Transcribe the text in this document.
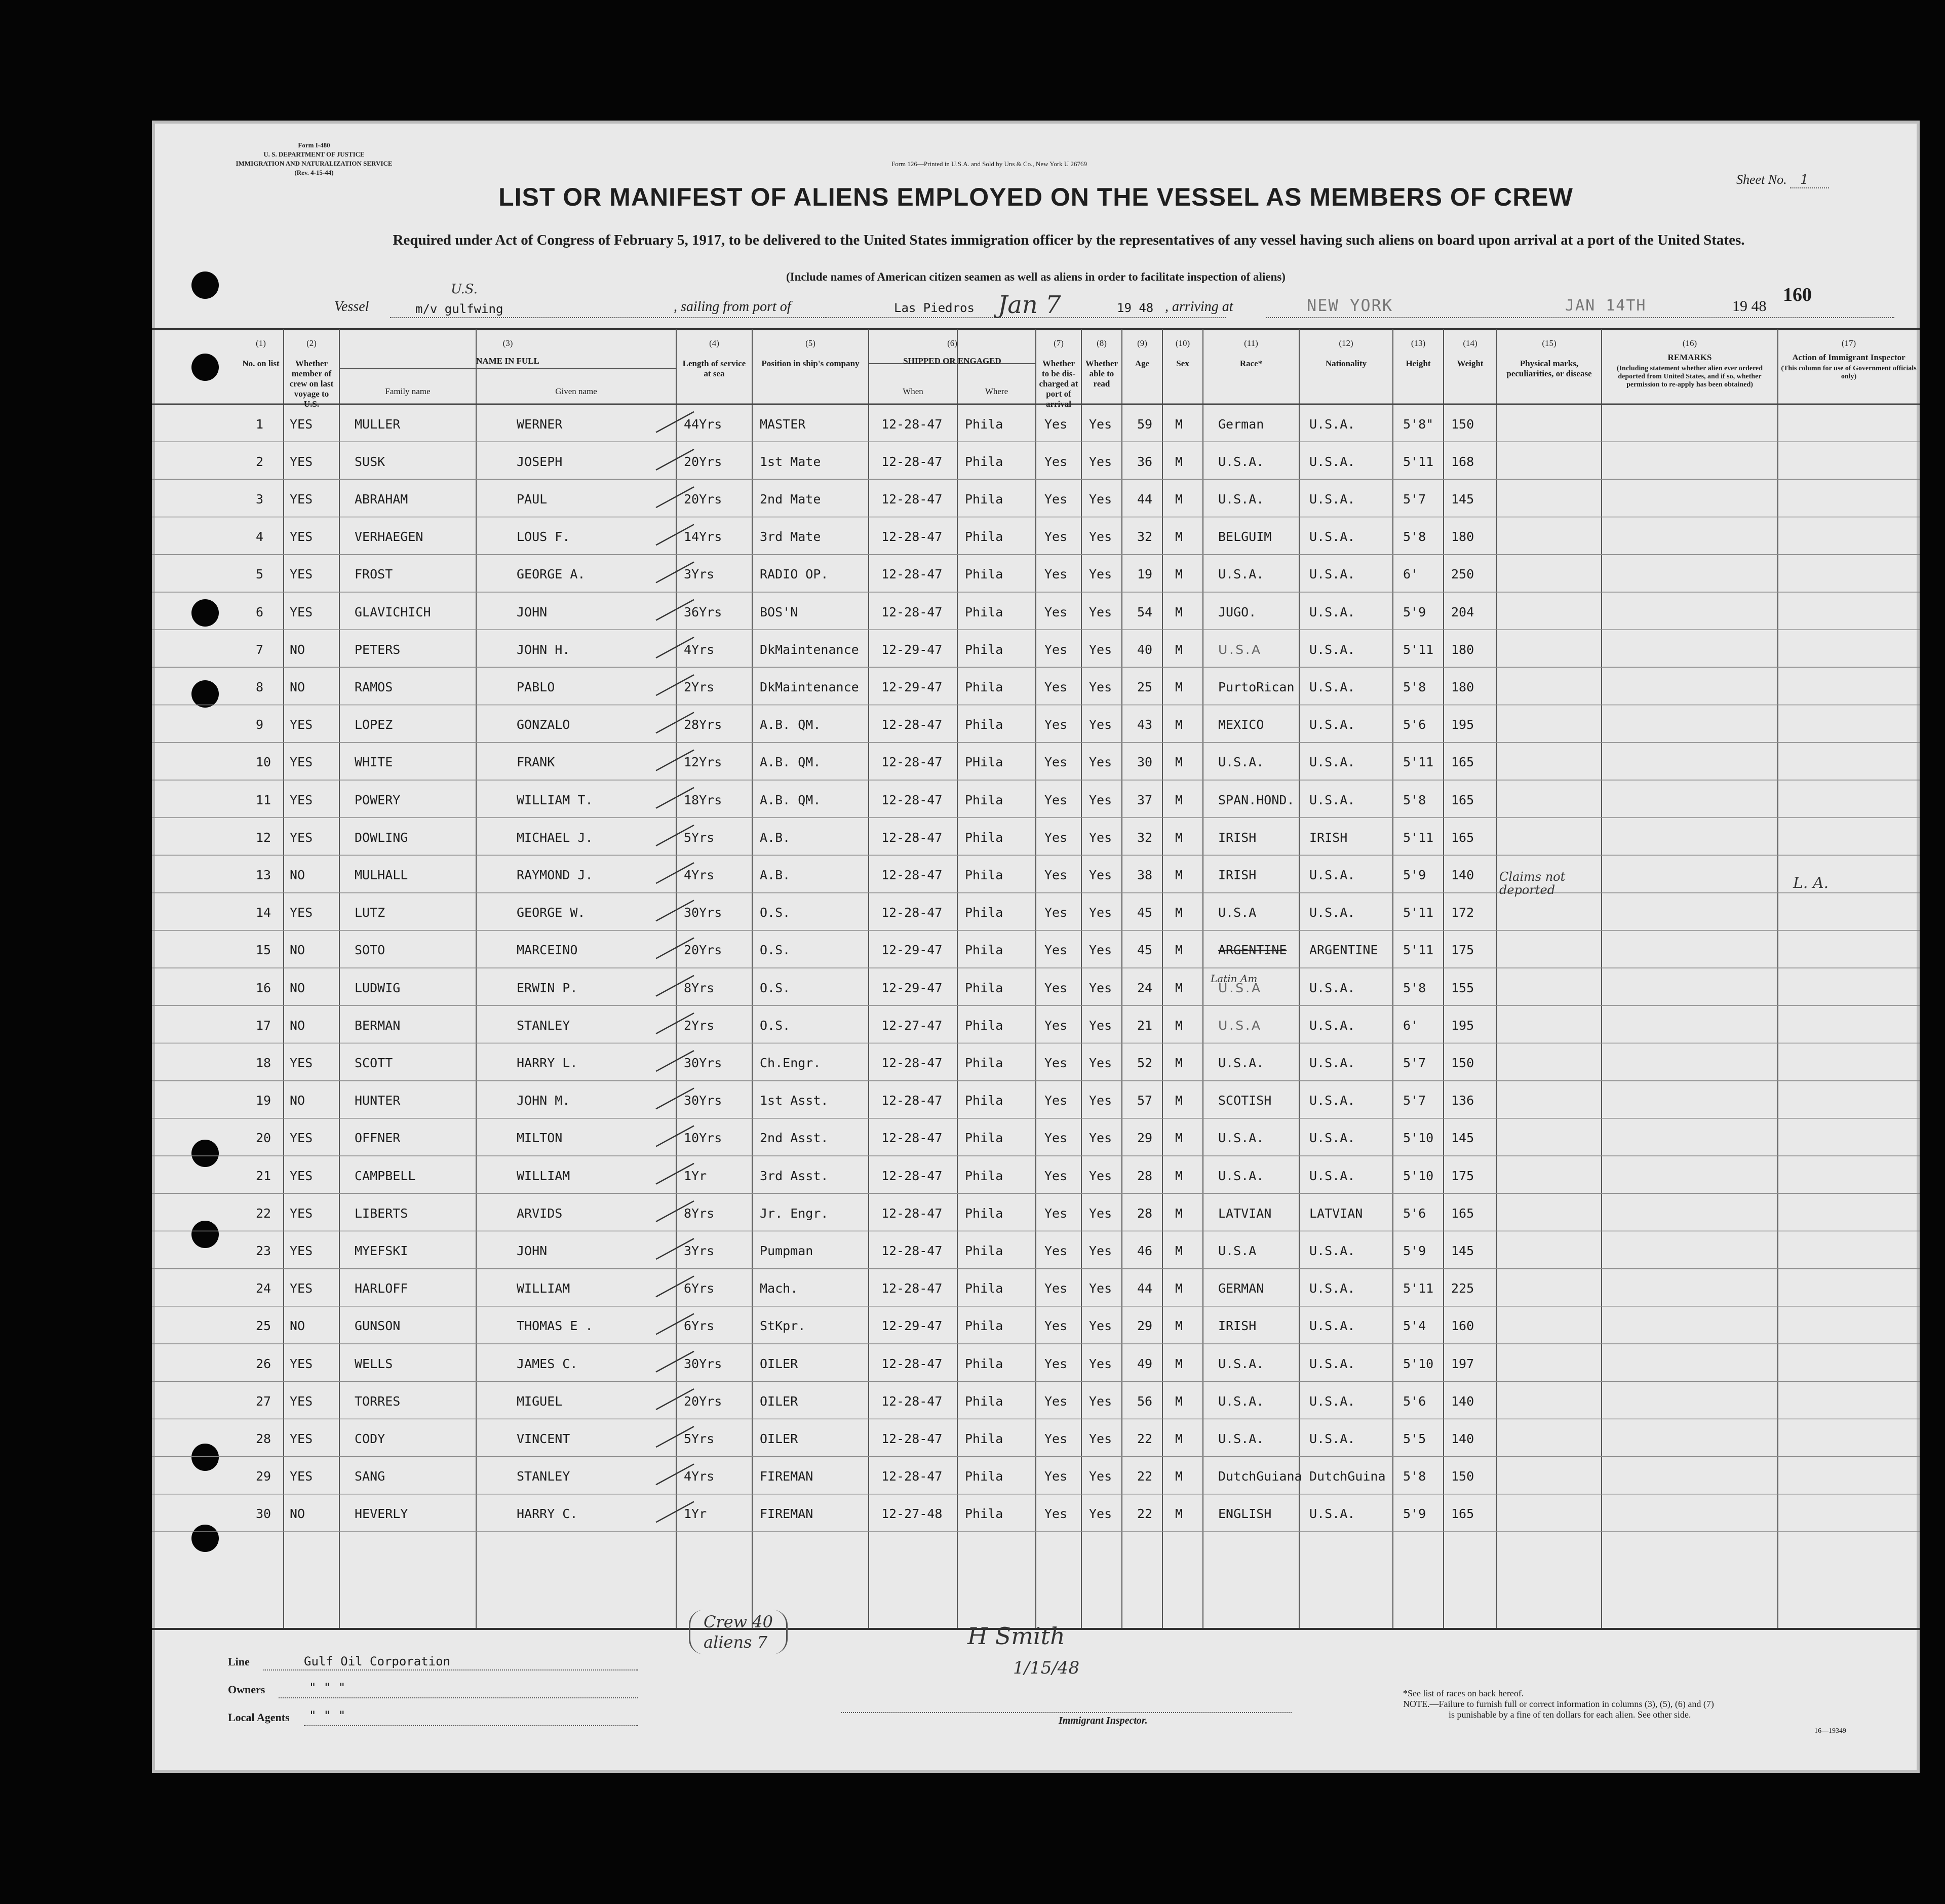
Form I-480
U. S. DEPARTMENT OF JUSTICE
IMMIGRATION AND NATURALIZATION SERVICE
(Rev. 4-15-44)
Form 126—Printed in U.S.A. and Sold by Uns & Co., New York U 26769
Sheet No. 1
LIST OR MANIFEST OF ALIENS EMPLOYED ON THE VESSEL AS MEMBERS OF CREW
Required under Act of Congress of February 5, 1917, to be delivered to the United States immigration officer by the representatives of any vessel having such aliens on board upon arrival at a port of the United States.
(Include names of American citizen seamen as well as aliens in order to facilitate inspection of aliens)
160
Vessel
U.S.
m/v gulfwing	, sailing from port of	Las Piedros Jan 7	19 48 , arriving at	NEW YORK	JAN 14TH	19 48
(1)
No. on list
(2)
Whether member of crew on last voyage to U.S.
(3)
NAME IN FULL
Family name	Given name
(4)
Length of service at sea
(5)
Position in ship's company
(6)
SHIPPED OR ENGAGED
When	Where
(7)
Whether to be dis-charged at port of arrival
(8)
Whether able to read
(9)
Age
(10)
Sex
(11)
Race*
(12)
Nationality
(13)
Height
(14)
Weight
(15)
Physical marks, peculiarities, or disease
(16)
REMARKS
(Including statement whether alien ever ordered deported from United States, and if so, whether permission to re-apply has been obtained)
(17)
Action of Immigrant Inspector
(This column for use of Government officials only)
1 YES	MULLER	WERNER	44Yrs	MASTER	12-28-47 Phila	Yes Yes 59 M	German	U.S.A.	5'8" 150
2 YES	SUSK	JOSEPH	20Yrs	1st Mate	12-28-47 Phila	Yes Yes 36 M	U.S.A.	U.S.A.	5'11 168
3 YES	ABRAHAM	PAUL	20Yrs	2nd Mate	12-28-47 Phila	Yes Yes 44 M	U.S.A.	U.S.A.	5'7 145
4 YES	VERHAEGEN	LOUS F.	14Yrs	3rd Mate	12-28-47 Phila	Yes Yes 32 M	BELGUIM	U.S.A.	5'8 180
5 YES	FROST	GEORGE A.	3Yrs	RADIO OP.	12-28-47 Phila	Yes Yes 19 M	U.S.A.	U.S.A.	6'	250
6 YES	GLAVICHICH	JOHN	36Yrs	BOS'N	12-28-47 Phila	Yes Yes 54 M	JUGO.	U.S.A.	5'9 204
7 NO	PETERS	JOHN H.	4Yrs	DkMaintenance 12-29-47 Phila	Yes Yes 40 M	U.S.A	U.S.A.	5'11 180
8 NO	RAMOS	PABLO	2Yrs	DkMaintenance 12-29-47 Phila	Yes Yes 25 M	PurtoRican U.S.A.	5'8 180
9 YES	LOPEZ	GONZALO	28Yrs	A.B. QM.	12-28-47 Phila	Yes Yes 43 M	MEXICO	U.S.A.	5'6 195
10 YES	WHITE	FRANK	12Yrs	A.B. QM.	12-28-47 PHila	Yes Yes 30 M	U.S.A.	U.S.A.	5'11 165
11 YES	POWERY	WILLIAM T.	18Yrs	A.B. QM.	12-28-47 Phila	Yes Yes 37 M	SPAN.HOND. U.S.A.	5'8 165
12 YES	DOWLING	MICHAEL J.	5Yrs	A.B.	12-28-47 Phila	Yes Yes 32 M	IRISH	IRISH	5'11 165
13 NO	MULHALL	RAYMOND J.	4Yrs	A.B.	12-28-47 Phila	Yes Yes 38 M	IRISH	U.S.A.	5'9 140
14 YES	LUTZ	GEORGE W.	30Yrs	O.S.	12-28-47 Phila	Yes Yes 45 M	U.S.A	U.S.A.	5'11 172
15 NO	SOTO	MARCEINO	20Yrs	O.S.	12-29-47 Phila	Yes Yes 45 M	ARGENTINE ARGENTINE 5'11 175
16 NO	LUDWIG	ERWIN P.	8Yrs	O.S.	12-29-47 Phila	Yes Yes 24 M	U.S.A	U.S.A.	5'8 155
17 NO	BERMAN	STANLEY	2Yrs	O.S.	12-27-47 Phila	Yes Yes 21 M	U.S.A	U.S.A.	6'	195
18 YES	SCOTT	HARRY L.	30Yrs	Ch.Engr.	12-28-47 Phila	Yes Yes 52 M	U.S.A.	U.S.A.	5'7 150
19 NO	HUNTER	JOHN M.	30Yrs	1st Asst.	12-28-47 Phila	Yes Yes 57 M	SCOTISH	U.S.A.	5'7 136
20 YES	OFFNER	MILTON	10Yrs	2nd Asst.	12-28-47 Phila	Yes Yes 29 M	U.S.A.	U.S.A.	5'10 145
21 YES	CAMPBELL	WILLIAM	1Yr	3rd Asst.	12-28-47 Phila	Yes Yes 28 M	U.S.A.	U.S.A.	5'10 175
22 YES	LIBERTS	ARVIDS	8Yrs	Jr. Engr.	12-28-47 Phila	Yes Yes 28 M	LATVIAN	LATVIAN	5'6 165
23 YES	MYEFSKI	JOHN	3Yrs	Pumpman	12-28-47 Phila	Yes Yes 46 M	U.S.A	U.S.A.	5'9 145
24 YES	HARLOFF	WILLIAM	6Yrs	Mach.	12-28-47 Phila	Yes Yes 44 M	GERMAN	U.S.A.	5'11 225
25 NO	GUNSON	THOMAS E .	6Yrs	StKpr.	12-29-47 Phila	Yes Yes 29 M	IRISH	U.S.A.	5'4 160
26 YES	WELLS	JAMES C.	30Yrs	OILER	12-28-47 Phila	Yes Yes 49 M	U.S.A.	U.S.A.	5'10 197
27 YES	TORRES	MIGUEL	20Yrs	OILER	12-28-47 Phila	Yes Yes 56 M	U.S.A.	U.S.A.	5'6 140
28 YES	CODY	VINCENT	5Yrs	OILER	12-28-47 Phila	Yes Yes 22 M	U.S.A.	U.S.A.	5'5 140
29 YES	SANG	STANLEY	4Yrs	FIREMAN	12-28-47 Phila	Yes Yes 22 M	DutchGuiana DutchGuina 5'8 150
30 NO	HEVERLY	HARRY C.	1Yr	FIREMAN	12-27-48 Phila	Yes Yes 22 M	ENGLISH	U.S.A.	5'9 165
Claims not deported	L. A.
Latin Am
Line	Gulf Oil Corporation
Owners	" " "
Local Agents " " "
Crew 40
aliens 7	H Smith
1/15/48
Immigrant Inspector.
*See list of races on back hereof.
NOTE.—Failure to furnish full or correct information in columns (3), (5), (6) and (7)
is punishable by a fine of ten dollars for each alien. See other side.
16—19349
